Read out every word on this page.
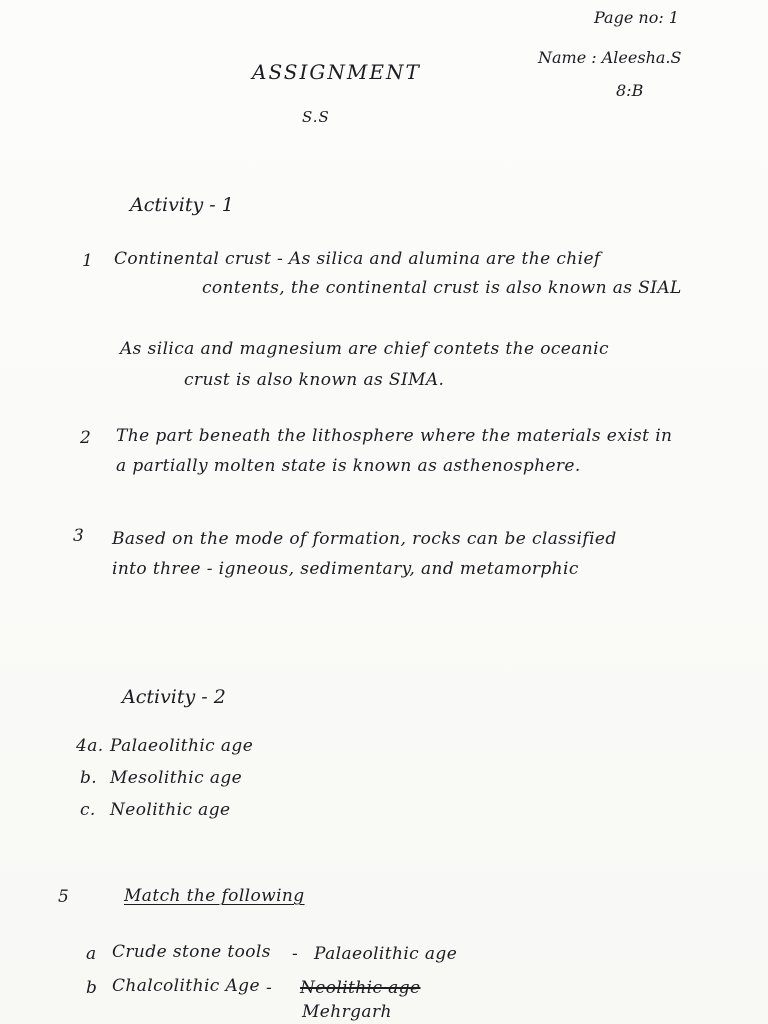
Page no: 1
Name : Aleesha.S
8:B
ASSIGNMENT
S.S
Activity - 1
1 Continental crust - As silica and alumina are the chief
contents, the continental crust is also known as SIAL
As silica and magnesium are chief contets the oceanic
crust is also known as SIMA.
2 The part beneath the lithosphere where the materials exist in
a partially molten state is known as asthenosphere.
3 Based on the mode of formation, rocks can be classified
into three - igneous, sedimentary, and metamorphic
Activity - 2
4a. Palaeolithic age
b. Mesolithic age
c. Neolithic age
5	Match the following
a Crude stone tools - Palaeolithic age
b Chalcolithic Age - Neolithic age
Mehrgarh
